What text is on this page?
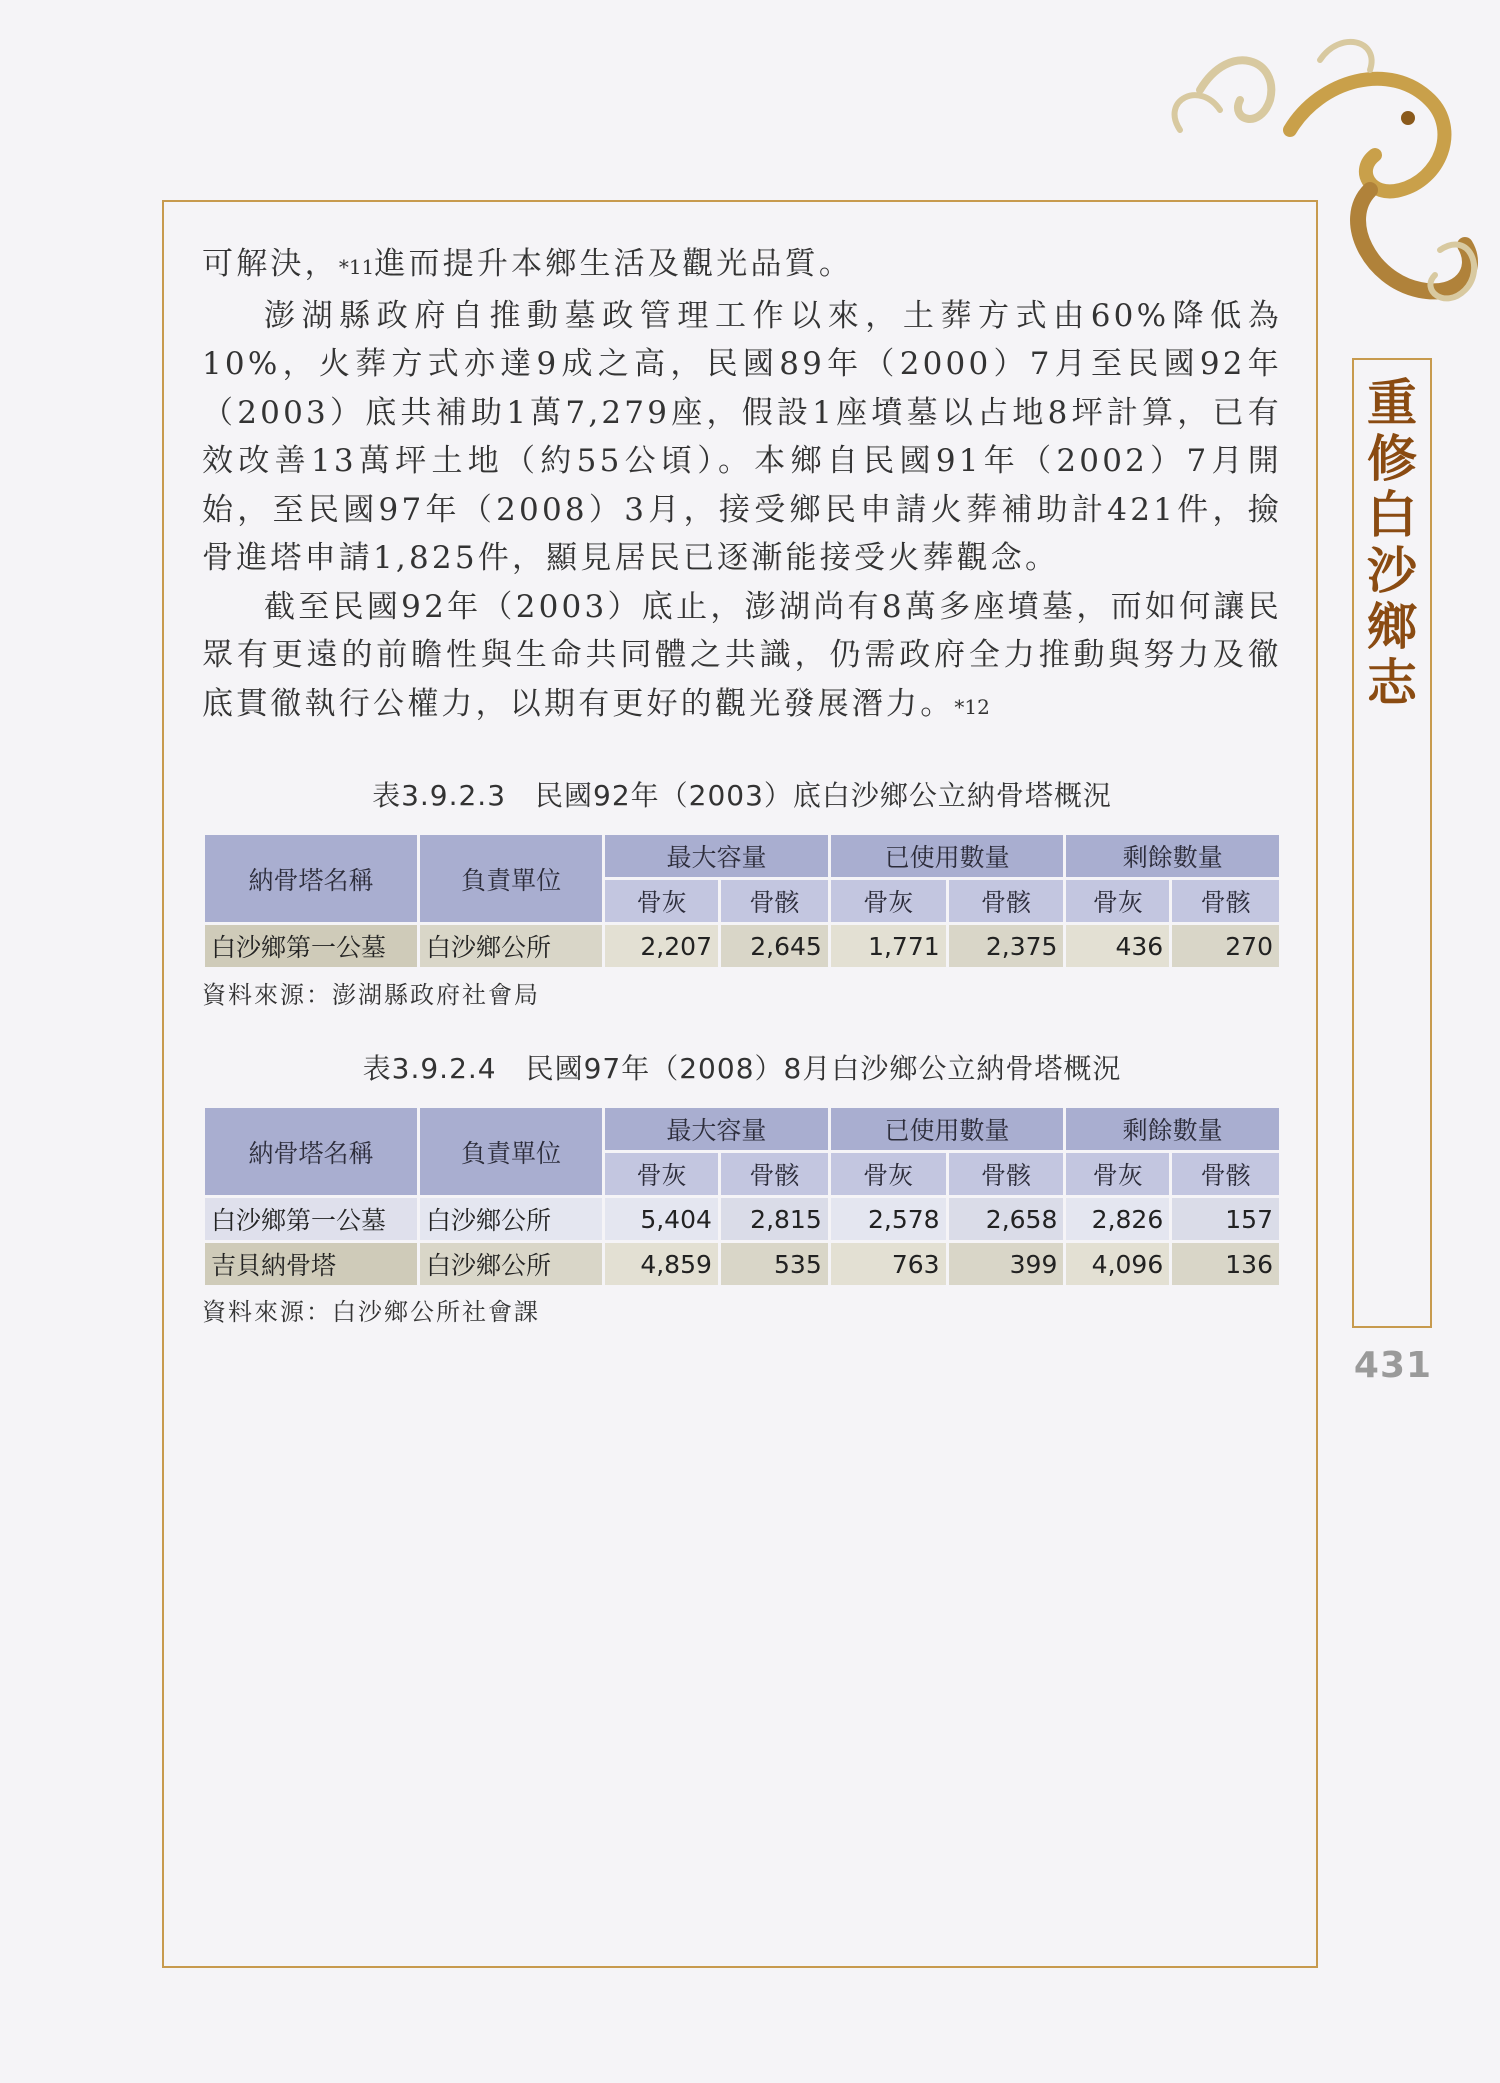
重修白沙鄉志
431

可解決，*11進而提升本鄉生活及觀光品質。

澎湖縣政府自推動墓政管理工作以來，土葬方式由60%降低為10%，火葬方式亦達9成之高，民國89年（2000）7月至民國92年（2003）底共補助1萬7,279座，假設1座墳墓以占地8坪計算，已有效改善13萬坪土地（約55公頃）。本鄉自民國91年（2002）7月開始，至民國97年（2008）3月，接受鄉民申請火葬補助計421件，撿骨進塔申請1,825件，顯見居民已逐漸能接受火葬觀念。

截至民國92年（2003）底止，澎湖尚有8萬多座墳墓，而如何讓民眾有更遠的前瞻性與生命共同體之共識，仍需政府全力推動與努力及徹底貫徹執行公權力，以期有更好的觀光發展潛力。*12

表3.9.2.3　民國92年（2003）底白沙鄉公立納骨塔概況
納骨塔名稱	負責單位	最大容量		已使用數量		剩餘數量	
		骨灰	骨骸	骨灰	骨骸	骨灰	骨骸
白沙鄉第一公墓	白沙鄉公所	2,207	2,645	1,771	2,375	436	270
資料來源：澎湖縣政府社會局
表3.9.2.4　民國97年（2008）8月白沙鄉公立納骨塔概況
納骨塔名稱	負責單位	最大容量		已使用數量		剩餘數量	
		骨灰	骨骸	骨灰	骨骸	骨灰	骨骸
白沙鄉第一公墓	白沙鄉公所	5,404	2,815	2,578	2,658	2,826	157
吉貝納骨塔	白沙鄉公所	4,859	535	763	399	4,096	136
資料來源：白沙鄉公所社會課
